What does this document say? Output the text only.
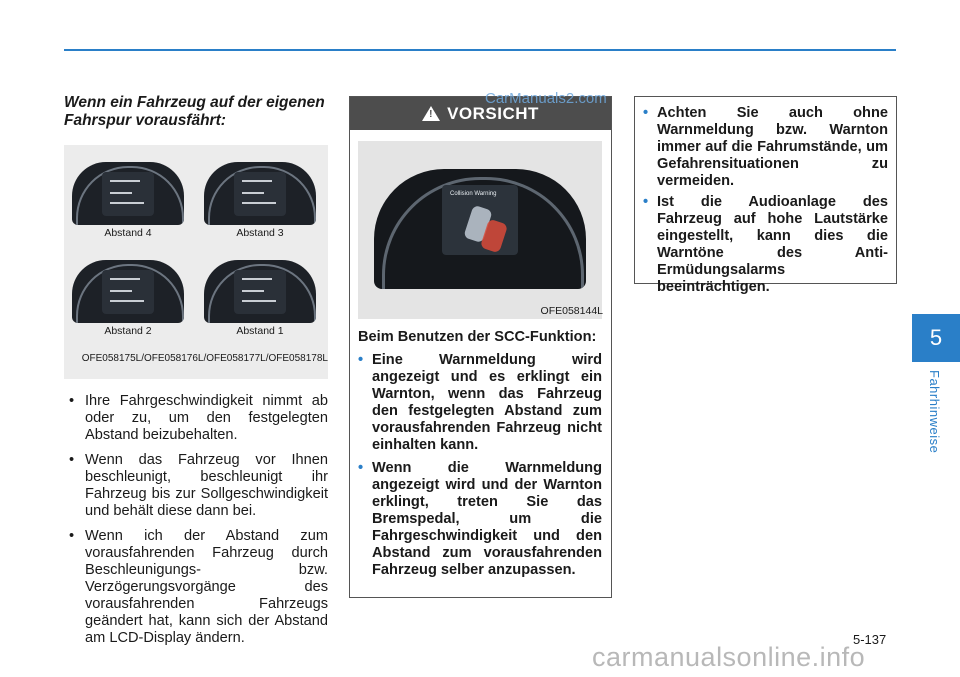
Wenn ein Fahrzeug auf der eigenen Fahrspur vorausfährt:
Abstand 4	Abstand 3
Abstand 2	Abstand 1
OFE058175L/OFE058176L/OFE058177L/OFE058178L
• Ihre Fahrgeschwindigkeit nimmt ab oder zu, um den festgelegten Abstand beizubehalten.
• Wenn das Fahrzeug vor Ihnen beschleunigt, beschleunigt ihr Fahrzeug bis zur Sollgeschwindigkeit und behält diese dann bei.
• Wenn ich der Abstand zum vorausfahrenden Fahrzeug durch Beschleunigungs- bzw. Verzögerungsvorgänge des vorausfahrenden Fahrzeugs geändert hat, kann sich der Abstand am LCD-Display ändern.
! VORSICHT
Collision Warning
OFE058144L

Beim Benutzen der SCC-Funktion:

• Eine Warnmeldung wird angezeigt und es erklingt ein Warnton, wenn das Fahrzeug den festgelegten Abstand zum vorausfahrenden Fahrzeug nicht einhalten kann.
• Wenn die Warnmeldung angezeigt wird und der Warnton erklingt, treten Sie das Bremspedal, um die Fahrgeschwindigkeit und den Abstand zum vorausfahrenden Fahrzeug selber anzupassen.
CarManuals2.com
• Achten Sie auch ohne Warnmeldung bzw. Warnton immer auf die Fahrumstände, um Gefahrensituationen zu vermeiden.
• Ist die Audioanlage des Fahrzeug auf hohe Lautstärke eingestellt, kann dies die Warntöne des Anti-Ermüdungsalarms beeinträchtigen.
5
Fahrhinweise
5-137
carmanualsonline.info
